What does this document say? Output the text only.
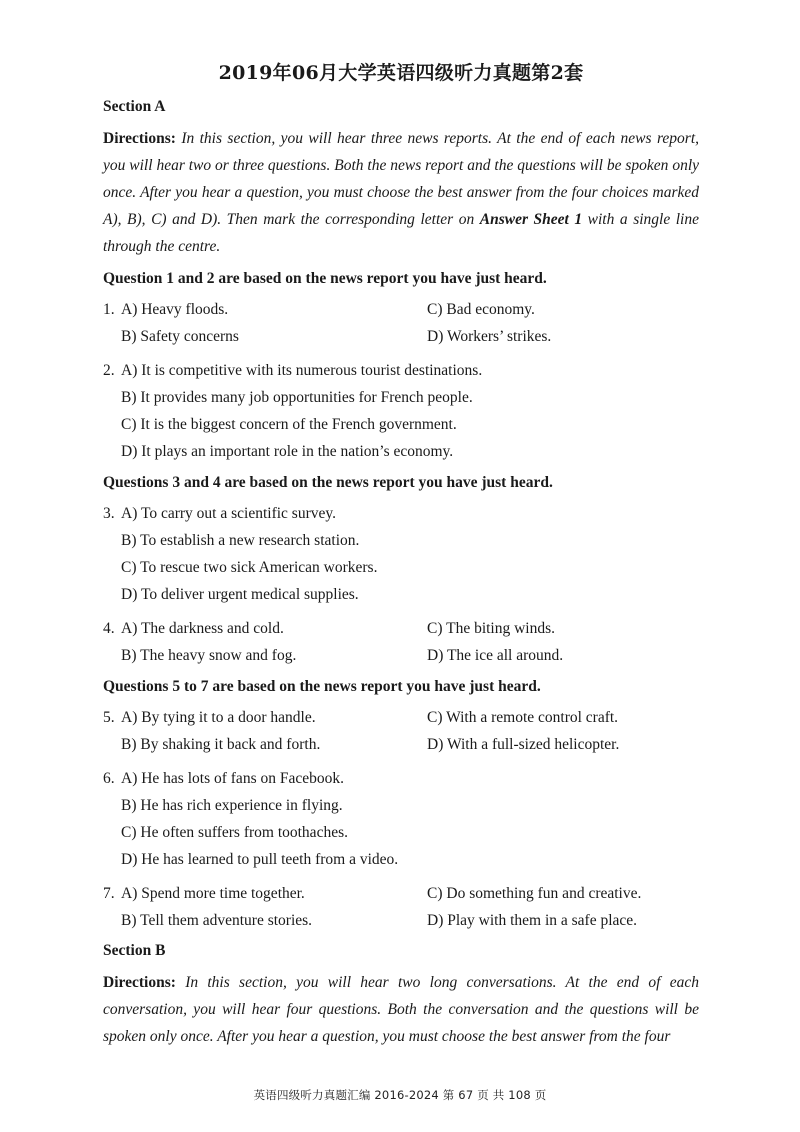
2019年06月大学英语四级听力真题第2套
Section A
Directions: In this section, you will hear three news reports. At the end of each news report, you will hear two or three questions. Both the news report and the questions will be spoken only once. After you hear a question, you must choose the best answer from the four choices marked A), B), C) and D). Then mark the corresponding letter on Answer Sheet 1 with a single line through the centre.
Question 1 and 2 are based on the news report you have just heard.
1. A) Heavy floods.	C) Bad economy.
B) Safety concerns	D) Workers’ strikes.
2. A) It is competitive with its numerous tourist destinations.
B) It provides many job opportunities for French people.
C) It is the biggest concern of the French government.
D) It plays an important role in the nation’s economy.
Questions 3 and 4 are based on the news report you have just heard.
3. A) To carry out a scientific survey.
B) To establish a new research station.
C) To rescue two sick American workers.
D) To deliver urgent medical supplies.
4. A) The darkness and cold.	C) The biting winds.
B) The heavy snow and fog.	D) The ice all around.
Questions 5 to 7 are based on the news report you have just heard.
5. A) By tying it to a door handle.	C) With a remote control craft.
B) By shaking it back and forth.	D) With a full-sized helicopter.
6. A) He has lots of fans on Facebook.
B) He has rich experience in flying.
C) He often suffers from toothaches.
D) He has learned to pull teeth from a video.
7. A) Spend more time together.	C) Do something fun and creative.
B) Tell them adventure stories.	D) Play with them in a safe place.
Section B
Directions: In this section, you will hear two long conversations. At the end of each conversation, you will hear four questions. Both the conversation and the questions will be spoken only once. After you hear a question, you must choose the best answer from the four
英语四级听力真题汇编 2016-2024 第 67 页 共 108 页
